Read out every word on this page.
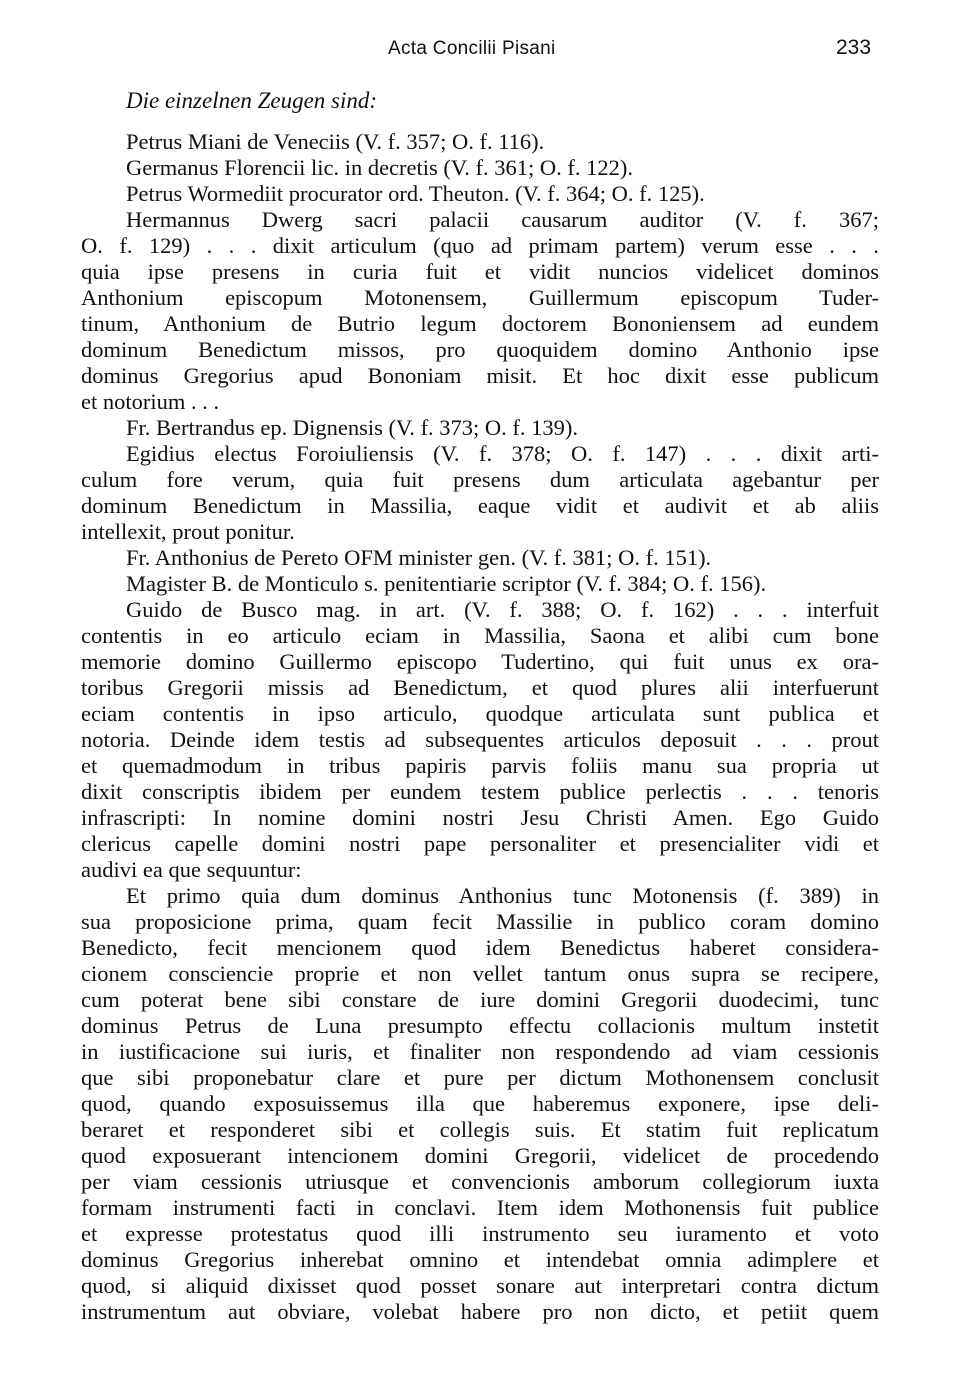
Acta Concilii Pisani	233
Die einzelnen Zeugen sind:
Petrus Miani de Veneciis (V. f. 357; O. f. 116).
Germanus Florencii lic. in decretis (V. f. 361; O. f. 122).
Petrus Wormediit procurator ord. Theuton. (V. f. 364; O. f. 125).
Hermannus Dwerg sacri palacii causarum auditor (V. f. 367;
O. f. 129) . . . dixit articulum (quo ad primam partem) verum esse . . .
quia ipse presens in curia fuit et vidit nuncios videlicet dominos
Anthonium episcopum Motonensem, Guillermum episcopum Tuder-
tinum, Anthonium de Butrio legum doctorem Bononiensem ad eundem
dominum Benedictum missos, pro quoquidem domino Anthonio ipse
dominus Gregorius apud Bononiam misit. Et hoc dixit esse publicum
et notorium . . .
Fr. Bertrandus ep. Dignensis (V. f. 373; O. f. 139).
Egidius electus Foroiuliensis (V. f. 378; O. f. 147) . . . dixit arti-
culum fore verum, quia fuit presens dum articulata agebantur per
dominum Benedictum in Massilia, eaque vidit et audivit et ab aliis
intellexit, prout ponitur.
Fr. Anthonius de Pereto OFM minister gen. (V. f. 381; O. f. 151).
Magister B. de Monticulo s. penitentiarie scriptor (V. f. 384; O. f. 156).
Guido de Busco mag. in art. (V. f. 388; O. f. 162) . . . interfuit
contentis in eo articulo eciam in Massilia, Saona et alibi cum bone
memorie domino Guillermo episcopo Tudertino, qui fuit unus ex ora-
toribus Gregorii missis ad Benedictum, et quod plures alii interfuerunt
eciam contentis in ipso articulo, quodque articulata sunt publica et
notoria. Deinde idem testis ad subsequentes articulos deposuit . . . prout
et quemadmodum in tribus papiris parvis foliis manu sua propria ut
dixit conscriptis ibidem per eundem testem publice perlectis . . . tenoris
infrascripti: In nomine domini nostri Jesu Christi Amen. Ego Guido
clericus capelle domini nostri pape personaliter et presencialiter vidi et
audivi ea que sequuntur:
Et primo quia dum dominus Anthonius tunc Motonensis (f. 389) in
sua proposicione prima, quam fecit Massilie in publico coram domino
Benedicto, fecit mencionem quod idem Benedictus haberet considera-
cionem consciencie proprie et non vellet tantum onus supra se recipere,
cum poterat bene sibi constare de iure domini Gregorii duodecimi, tunc
dominus Petrus de Luna presumpto effectu collacionis multum instetit
in iustificacione sui iuris, et finaliter non respondendo ad viam cessionis
que sibi proponebatur clare et pure per dictum Mothonensem conclusit
quod, quando exposuissemus illa que haberemus exponere, ipse deli-
beraret et responderet sibi et collegis suis. Et statim fuit replicatum
quod exposuerant intencionem domini Gregorii, videlicet de procedendo
per viam cessionis utriusque et convencionis amborum collegiorum iuxta
formam instrumenti facti in conclavi. Item idem Mothonensis fuit publice
et expresse protestatus quod illi instrumento seu iuramento et voto
dominus Gregorius inherebat omnino et intendebat omnia adimplere et
quod, si aliquid dixisset quod posset sonare aut interpretari contra dictum
instrumentum aut obviare, volebat habere pro non dicto, et petiit quem
